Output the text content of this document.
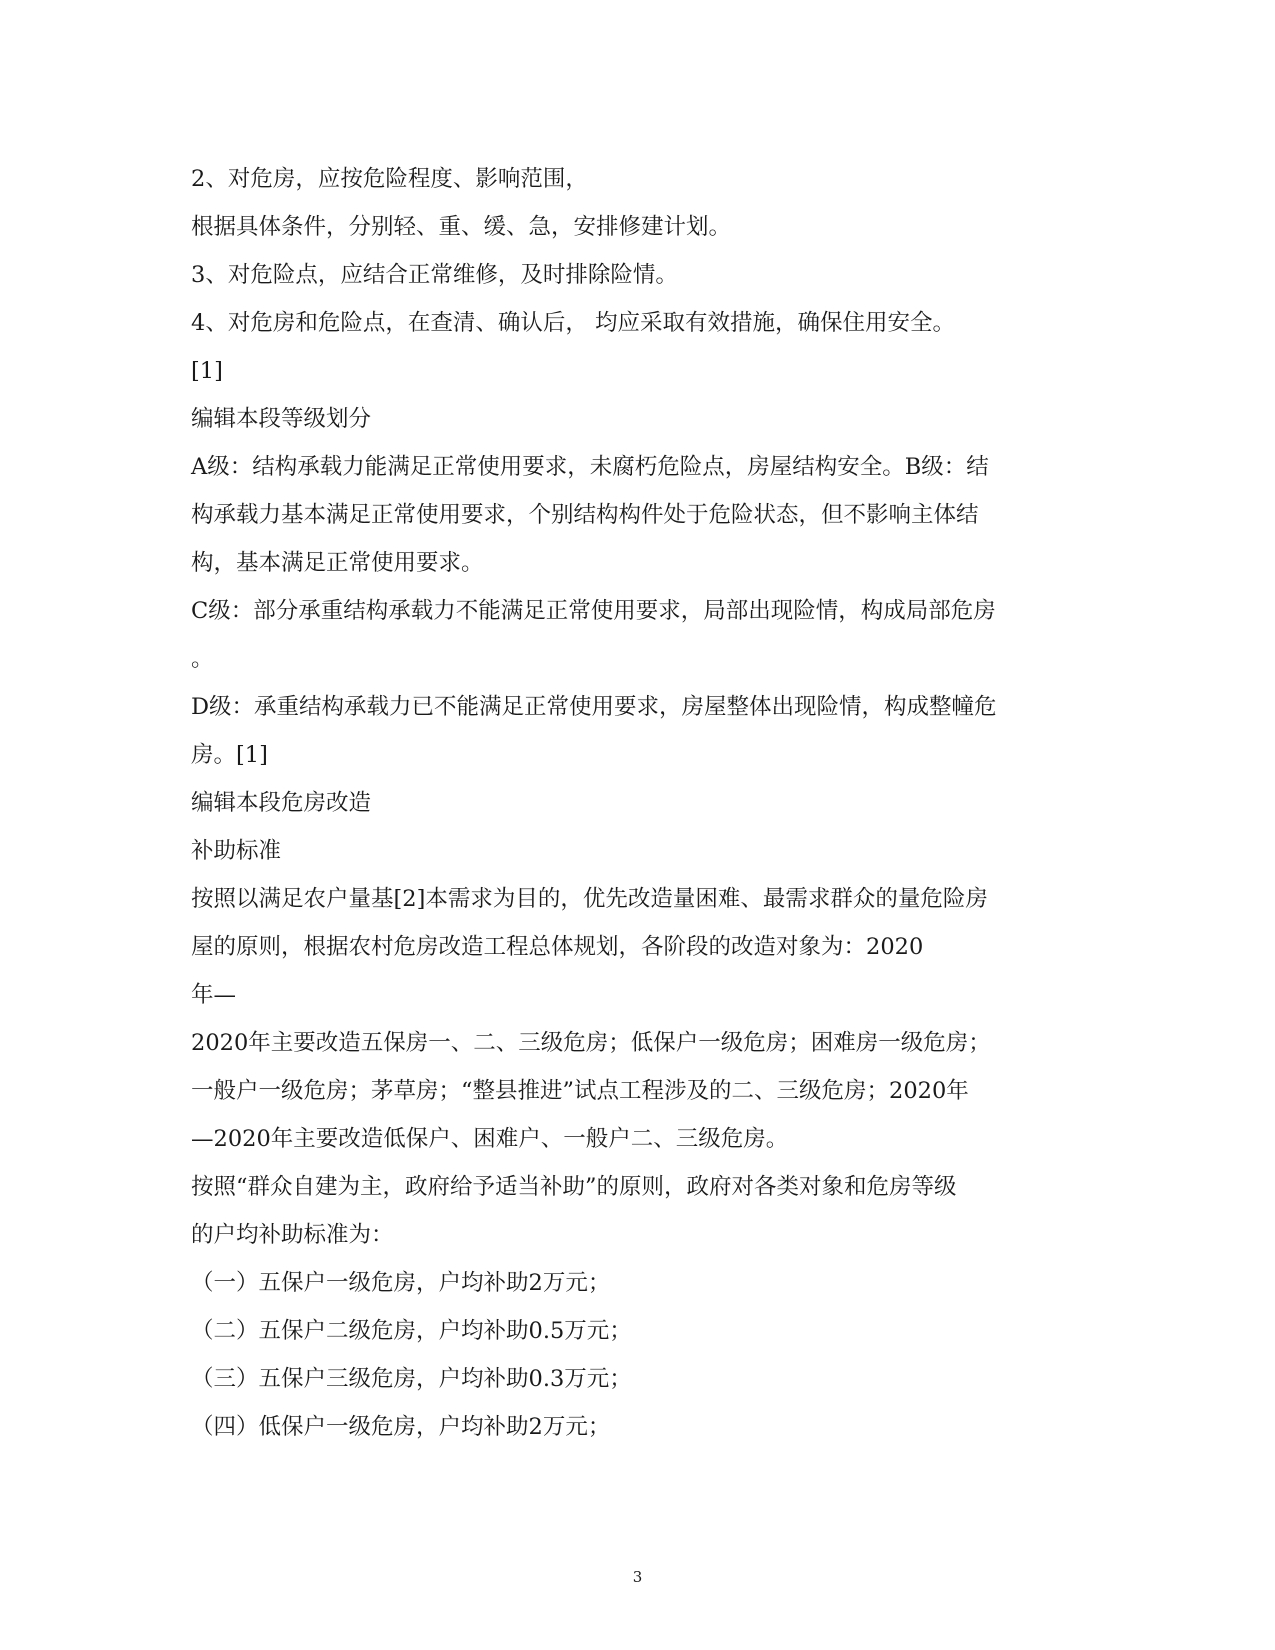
2、对危房，应按危险程度、影响范围，

根据具体条件，分别轻、重、缓、急，安排修建计划。

3、对危险点，应结合正常维修，及时排除险情。

4、对危房和危险点，在查清、确认后， 均应采取有效措施，确保住用安全。

[1]

编辑本段等级划分

A级：结构承载力能满足正常使用要求，未腐朽危险点，房屋结构安全。B级：结

构承载力基本满足正常使用要求，个别结构构件处于危险状态，但不影响主体结

构，基本满足正常使用要求。

C级：部分承重结构承载力不能满足正常使用要求，局部出现险情，构成局部危房

。

D级：承重结构承载力已不能满足正常使用要求，房屋整体出现险情，构成整幢危

房。[1]

编辑本段危房改造

补助标准

按照以满足农户量基[2]本需求为目的，优先改造量困难、最需求群众的量危险房

屋的原则，根据农村危房改造工程总体规划，各阶段的改造对象为：2020

年—

2020年主要改造五保房一、二、三级危房；低保户一级危房；困难房一级危房；

一般户一级危房；茅草房；“整县推进”试点工程涉及的二、三级危房；2020年

—2020年主要改造低保户、困难户、一般户二、三级危房。

按照“群众自建为主，政府给予适当补助”的原则，政府对各类对象和危房等级

的户均补助标准为：

（一）五保户一级危房，户均补助2万元；

（二）五保户二级危房，户均补助0.5万元；

（三）五保户三级危房，户均补助0.3万元；

（四）低保户一级危房，户均补助2万元；

3
